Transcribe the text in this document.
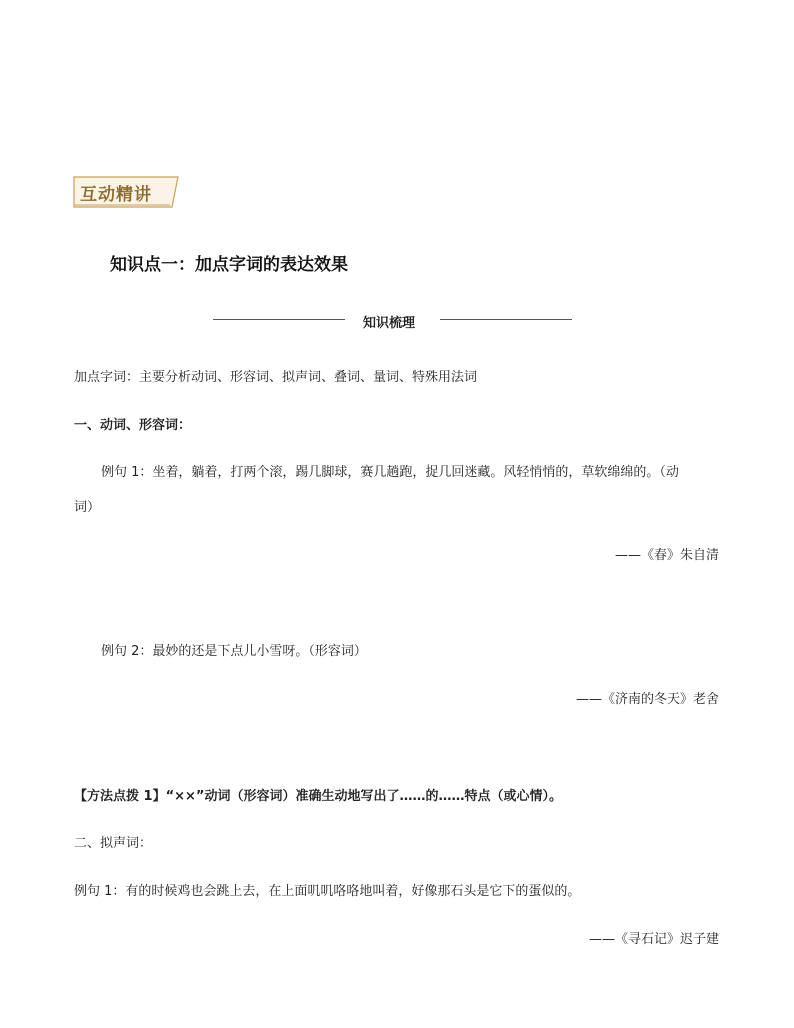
互动精讲
知识点一：加点字词的表达效果
知识梳理
加点字词：主要分析动词、形容词、拟声词、叠词、量词、特殊用法词
一、动词、形容词：
例句 1：坐着，躺着，打两个滚，踢几脚球，赛几趟跑，捉几回迷藏。风轻悄悄的，草软绵绵的。（动
词）
——《春》朱自清
例句 2：最妙的还是下点儿小雪呀。（形容词）
——《济南的冬天》老舍
【方法点拨 1】“××”动词（形容词）准确生动地写出了……的……特点（或心情）。
二、拟声词：
例句 1：有的时候鸡也会跳上去，在上面叽叽咯咯地叫着，好像那石头是它下的蛋似的。
——《寻石记》迟子建
